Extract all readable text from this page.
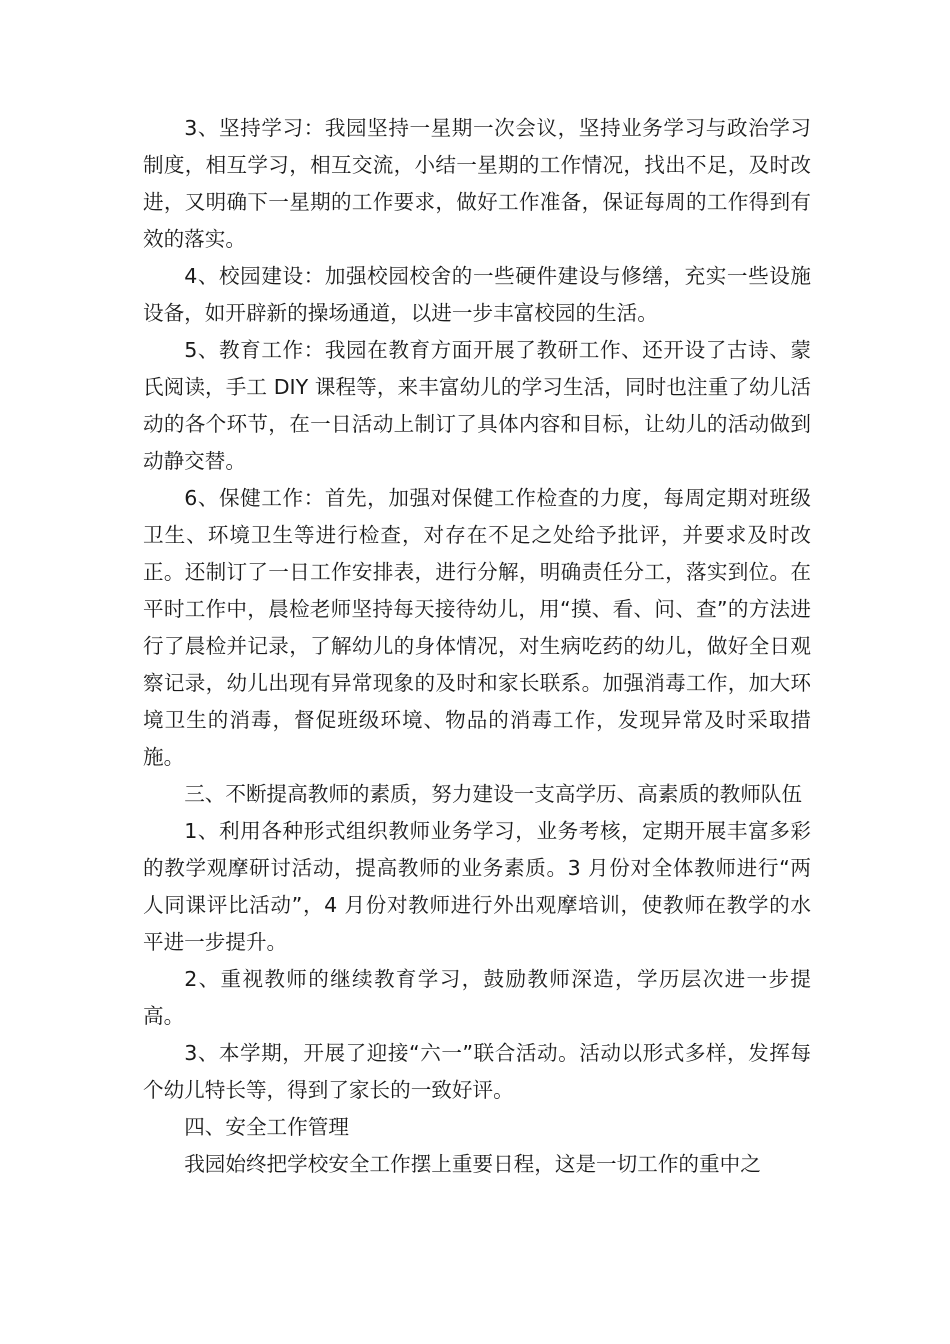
3、坚持学习：我园坚持一星期一次会议，坚持业务学习与政治学习制度，相互学习，相互交流，小结一星期的工作情况，找出不足，及时改进，又明确下一星期的工作要求，做好工作准备，保证每周的工作得到有效的落实。

4、校园建设：加强校园校舍的一些硬件建设与修缮，充实一些设施设备，如开辟新的操场通道，以进一步丰富校园的生活。

5、教育工作：我园在教育方面开展了教研工作、还开设了古诗、蒙氏阅读，手工 DIY 课程等，来丰富幼儿的学习生活，同时也注重了幼儿活动的各个环节，在一日活动上制订了具体内容和目标，让幼儿的活动做到动静交替。

6、保健工作：首先，加强对保健工作检查的力度，每周定期对班级卫生、环境卫生等进行检查，对存在不足之处给予批评，并要求及时改正。还制订了一日工作安排表，进行分解，明确责任分工，落实到位。在平时工作中，晨检老师坚持每天接待幼儿，用“摸、看、问、查”的方法进行了晨检并记录，了解幼儿的身体情况，对生病吃药的幼儿，做好全日观察记录，幼儿出现有异常现象的及时和家长联系。加强消毒工作，加大环境卫生的消毒，督促班级环境、物品的消毒工作，发现异常及时采取措施。

三、不断提高教师的素质，努力建设一支高学历、高素质的教师队伍

1、利用各种形式组织教师业务学习，业务考核，定期开展丰富多彩的教学观摩研讨活动，提高教师的业务素质。3 月份对全体教师进行“两人同课评比活动”，4 月份对教师进行外出观摩培训，使教师在教学的水平进一步提升。

2、重视教师的继续教育学习，鼓励教师深造，学历层次进一步提高。

3、本学期，开展了迎接“六一”联合活动。活动以形式多样，发挥每个幼儿特长等，得到了家长的一致好评。

四、安全工作管理

我园始终把学校安全工作摆上重要日程，这是一切工作的重中之
